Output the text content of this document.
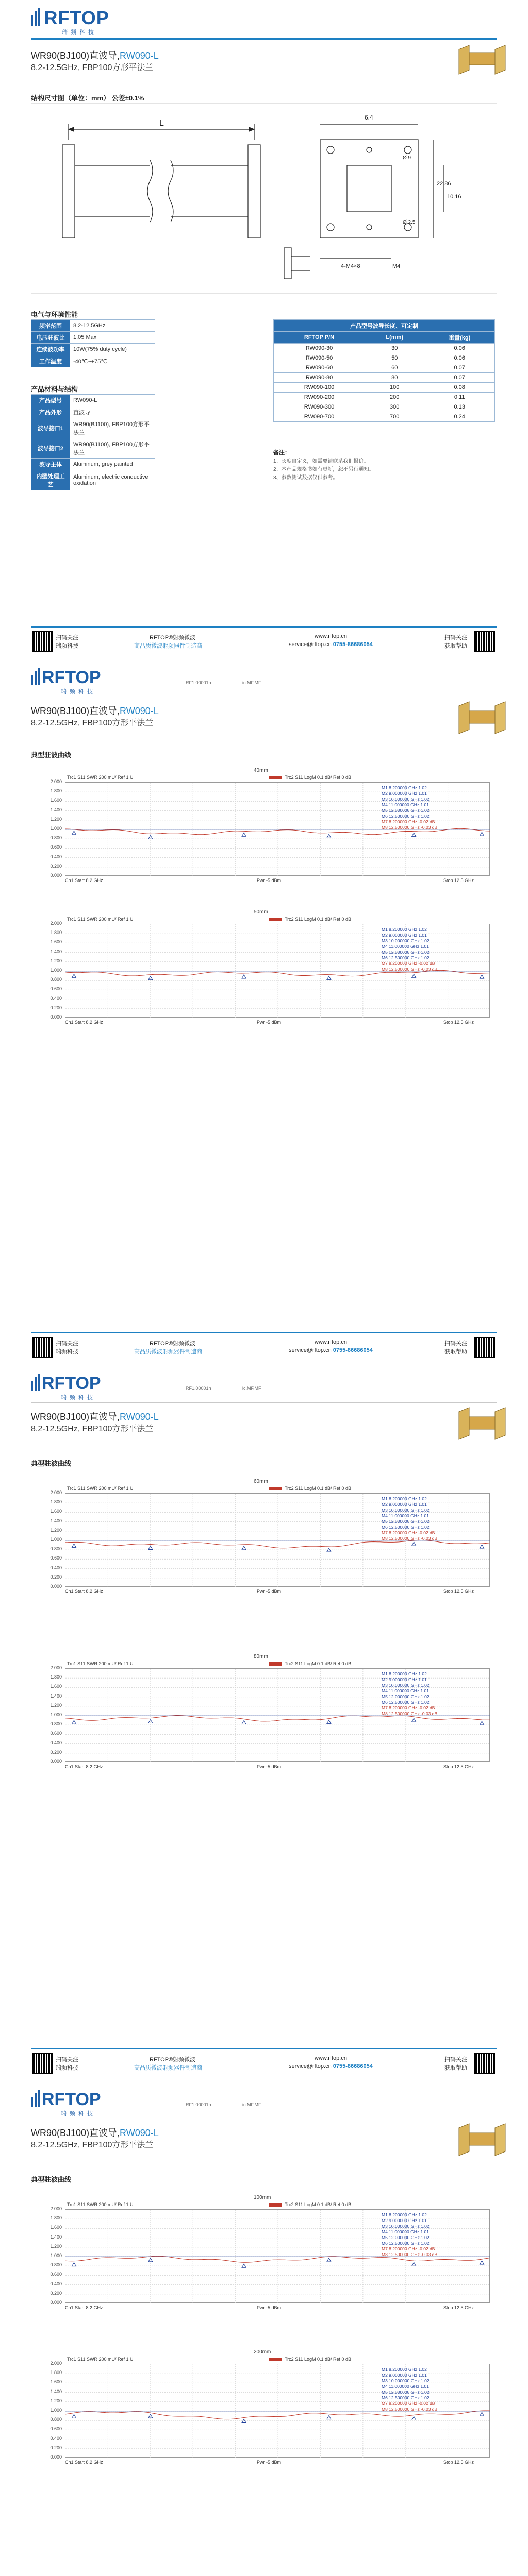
RFTOP
瑞频科技
WR90(BJ100)直波导,RW090-L
8.2-12.5GHz, FBP100方形平法兰
结构尺寸图（单位：mm） 公差±0.1%
L
6.4
22.86
10.16
4-M4×8	M4
Ø 9
Ø 2.5
电气与环境性能
频率范围	8.2-12.5GHz
电压驻波比	1.05 Max
连续波功率	10W(75% duty cycle)
工作温度	-40℃~+75℃
产品材料与结构
产品型号	RW090-L
产品外形	直波导
波导接口1	WR90(BJ100), FBP100方形平法兰
波导接口2	WR90(BJ100), FBP100方形平法兰
波导主体	Aluminum, grey painted
内壁处理工艺	Aluminum, electric conductive oxidation
产品型号波导长度、可定制		
RFTOP P/N	L(mm)	重量(kg)
RW090-30	30	0.06
RW090-50	50	0.06
RW090-60	60	0.07
RW090-80	80	0.07
RW090-100	100	0.08
RW090-200	200	0.11
RW090-300	300	0.13
RW090-700	700	0.24
备注：
1、长度自定义，如需要请联系我们报价。
2、本产品规格书如有更新，恕不另行通知。
3、参数测试数据仅供参考。
扫码关注
瑞频科技
RFTOP®射频微波
高品质微波射频器件制造商
www.rftop.cn
service@rftop.cn 0755-86686054
扫码关注
获取帮助
RFTOP
瑞频科技
RF1.00001h	ic.MF.MF
WR90(BJ100)直波导,RW090-L
8.2-12.5GHz, FBP100方形平法兰
典型驻波曲线
40mm
Trc1 S11 SWR 200 mU/ Ref 1 U	Trc2 S11 LogM 0.1 dB/ Ref 0 dB
2.000
1.800
1.600
1.400
1.200
1.000
0.800
0.600
0.400
0.200
0.000
M1 8.200000 GHz 1.02
M2 9.000000 GHz 1.01
M3 10.000000 GHz 1.02
M4 11.000000 GHz 1.01
M5 12.000000 GHz 1.02
M6 12.500000 GHz 1.02
M7 8.200000 GHz -0.02 dB
M8 12.500000 GHz -0.03 dB
Ch1 Start 8.2 GHz	Pwr -5 dBm	Stop 12.5 GHz
50mm
Trc1 S11 SWR 200 mU/ Ref 1 U	Trc2 S11 LogM 0.1 dB/ Ref 0 dB
2.000
1.800
1.600
1.400
1.200
1.000
0.800
0.600
0.400
0.200
0.000
M1 8.200000 GHz 1.02
M2 9.000000 GHz 1.01
M3 10.000000 GHz 1.02
M4 11.000000 GHz 1.01
M5 12.000000 GHz 1.02
M6 12.500000 GHz 1.02
M7 8.200000 GHz -0.02 dB
M8 12.500000 GHz -0.03 dB
Ch1 Start 8.2 GHz	Pwr -5 dBm	Stop 12.5 GHz
扫码关注
瑞频科技
RFTOP®射频微波
高品质微波射频器件制造商
www.rftop.cn
service@rftop.cn 0755-86686054
扫码关注
获取帮助
RFTOP
瑞频科技
RF1.00001h	ic.MF.MF
WR90(BJ100)直波导,RW090-L
8.2-12.5GHz, FBP100方形平法兰
典型驻波曲线
60mm
Trc1 S11 SWR 200 mU/ Ref 1 U	Trc2 S11 LogM 0.1 dB/ Ref 0 dB
2.000
1.800
1.600
1.400
1.200
1.000
0.800
0.600
0.400
0.200
0.000
M1 8.200000 GHz 1.02
M2 9.000000 GHz 1.01
M3 10.000000 GHz 1.02
M4 11.000000 GHz 1.01
M5 12.000000 GHz 1.02
M6 12.500000 GHz 1.02
M7 8.200000 GHz -0.02 dB
M8 12.500000 GHz -0.03 dB
Ch1 Start 8.2 GHz	Pwr -5 dBm	Stop 12.5 GHz
80mm
Trc1 S11 SWR 200 mU/ Ref 1 U	Trc2 S11 LogM 0.1 dB/ Ref 0 dB
2.000
1.800
1.600
1.400
1.200
1.000
0.800
0.600
0.400
0.200
0.000
M1 8.200000 GHz 1.02
M2 9.000000 GHz 1.01
M3 10.000000 GHz 1.02
M4 11.000000 GHz 1.01
M5 12.000000 GHz 1.02
M6 12.500000 GHz 1.02
M7 8.200000 GHz -0.02 dB
M8 12.500000 GHz -0.03 dB
Ch1 Start 8.2 GHz	Pwr -5 dBm	Stop 12.5 GHz
扫码关注
瑞频科技
RFTOP®射频微波
高品质微波射频器件制造商
www.rftop.cn
service@rftop.cn 0755-86686054
扫码关注
获取帮助
RFTOP
瑞频科技
RF1.00001h	ic.MF.MF
WR90(BJ100)直波导,RW090-L
8.2-12.5GHz, FBP100方形平法兰
典型驻波曲线
100mm
Trc1 S11 SWR 200 mU/ Ref 1 U	Trc2 S11 LogM 0.1 dB/ Ref 0 dB
2.000
1.800
1.600
1.400
1.200
1.000
0.800
0.600
0.400
0.200
0.000
M1 8.200000 GHz 1.02
M2 9.000000 GHz 1.01
M3 10.000000 GHz 1.02
M4 11.000000 GHz 1.01
M5 12.000000 GHz 1.02
M6 12.500000 GHz 1.02
M7 8.200000 GHz -0.02 dB
M8 12.500000 GHz -0.03 dB
Ch1 Start 8.2 GHz	Pwr -5 dBm	Stop 12.5 GHz
200mm
Trc1 S11 SWR 200 mU/ Ref 1 U	Trc2 S11 LogM 0.1 dB/ Ref 0 dB
2.000
1.800
1.600
1.400
1.200
1.000
0.800
0.600
0.400
0.200
0.000
M1 8.200000 GHz 1.02
M2 9.000000 GHz 1.01
M3 10.000000 GHz 1.02
M4 11.000000 GHz 1.01
M5 12.000000 GHz 1.02
M6 12.500000 GHz 1.02
M7 8.200000 GHz -0.02 dB
M8 12.500000 GHz -0.03 dB
Ch1 Start 8.2 GHz	Pwr -5 dBm	Stop 12.5 GHz
